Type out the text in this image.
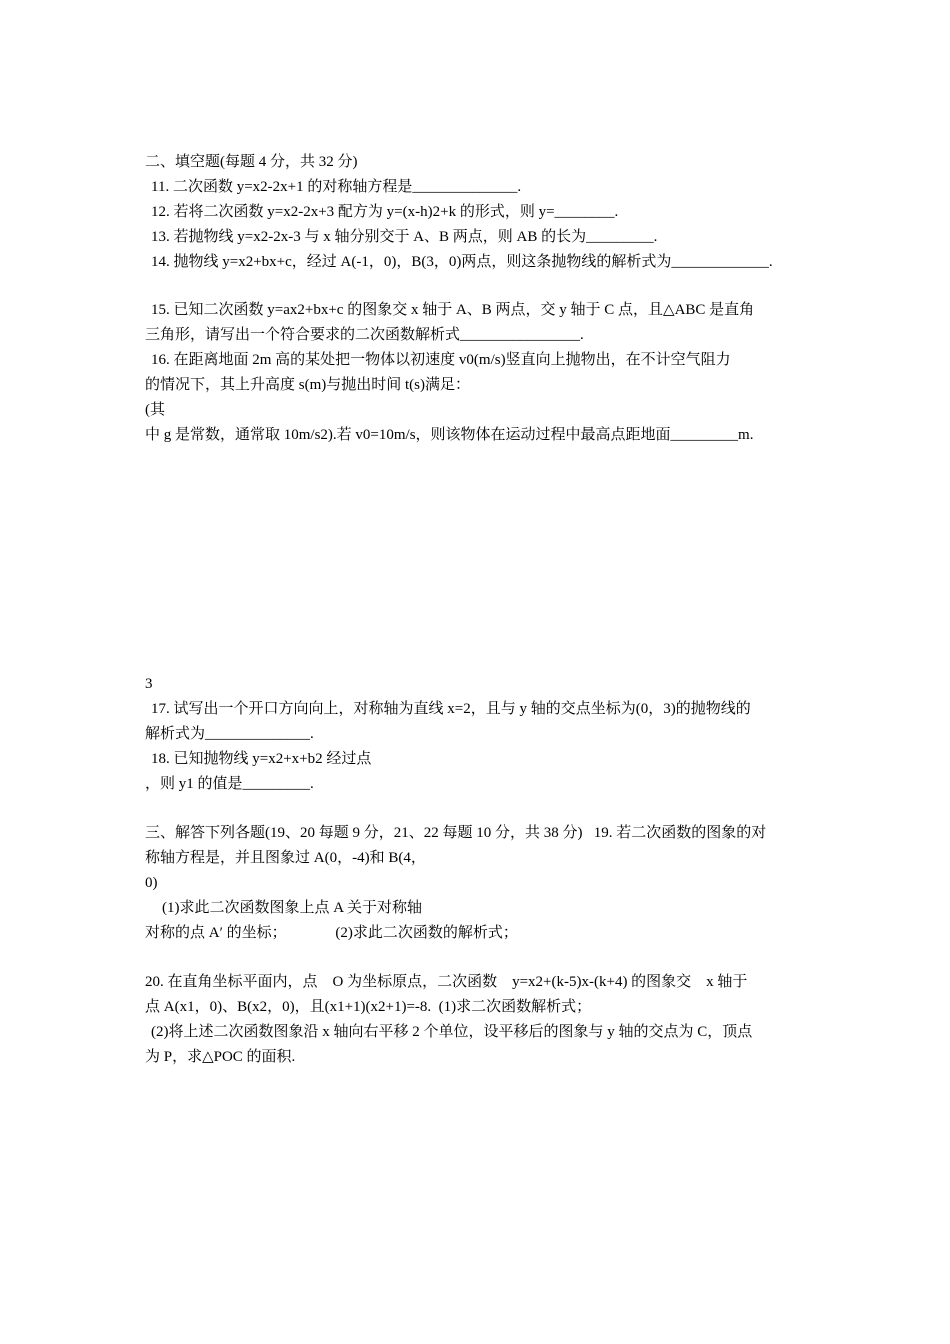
二、填空题(每题 4 分，共 32 分)
11. 二次函数 y=x2-2x+1 的对称轴方程是______________.
12. 若将二次函数 y=x2-2x+3 配方为 y=(x-h)2+k 的形式，则 y=________.
13. 若抛物线 y=x2-2x-3 与 x 轴分别交于 A、B 两点，则 AB 的长为_________.
14. 抛物线 y=x2+bx+c，经过 A(-1，0)，B(3，0)两点，则这条抛物线的解析式为_____________.
15. 已知二次函数 y=ax2+bx+c 的图象交 x 轴于 A、B 两点，交 y 轴于 C 点，且△ABC 是直角
三角形，请写出一个符合要求的二次函数解析式________________.
16. 在距离地面 2m 高的某处把一物体以初速度 v0(m/s)竖直向上抛物出，在不计空气阻力
的情况下，其上升高度 s(m)与抛出时间 t(s)满足：
(其
中 g 是常数，通常取 10m/s2).若 v0=10m/s，则该物体在运动过程中最高点距地面_________m.
3
17. 试写出一个开口方向向上，对称轴为直线 x=2，且与 y 轴的交点坐标为(0，3)的抛物线的
解析式为______________.
18. 已知抛物线 y=x2+x+b2 经过点
，则 y1 的值是_________.
三、解答下列各题(19、20 每题 9 分，21、22 每题 10 分，共 38 分)   19. 若二次函数的图象的对
称轴方程是，并且图象过 A(0，-4)和 B(4，
0)
(1)求此二次函数图象上点 A 关于对称轴
对称的点 A′ 的坐标；             (2)求此二次函数的解析式；
20. 在直角坐标平面内，点    O 为坐标原点，二次函数    y=x2+(k-5)x-(k+4) 的图象交    x 轴于
点 A(x1，0)、B(x2，0)，且(x1+1)(x2+1)=-8.  (1)求二次函数解析式；
(2)将上述二次函数图象沿 x 轴向右平移 2 个单位，设平移后的图象与 y 轴的交点为 C，顶点
为 P，求△POC 的面积.
